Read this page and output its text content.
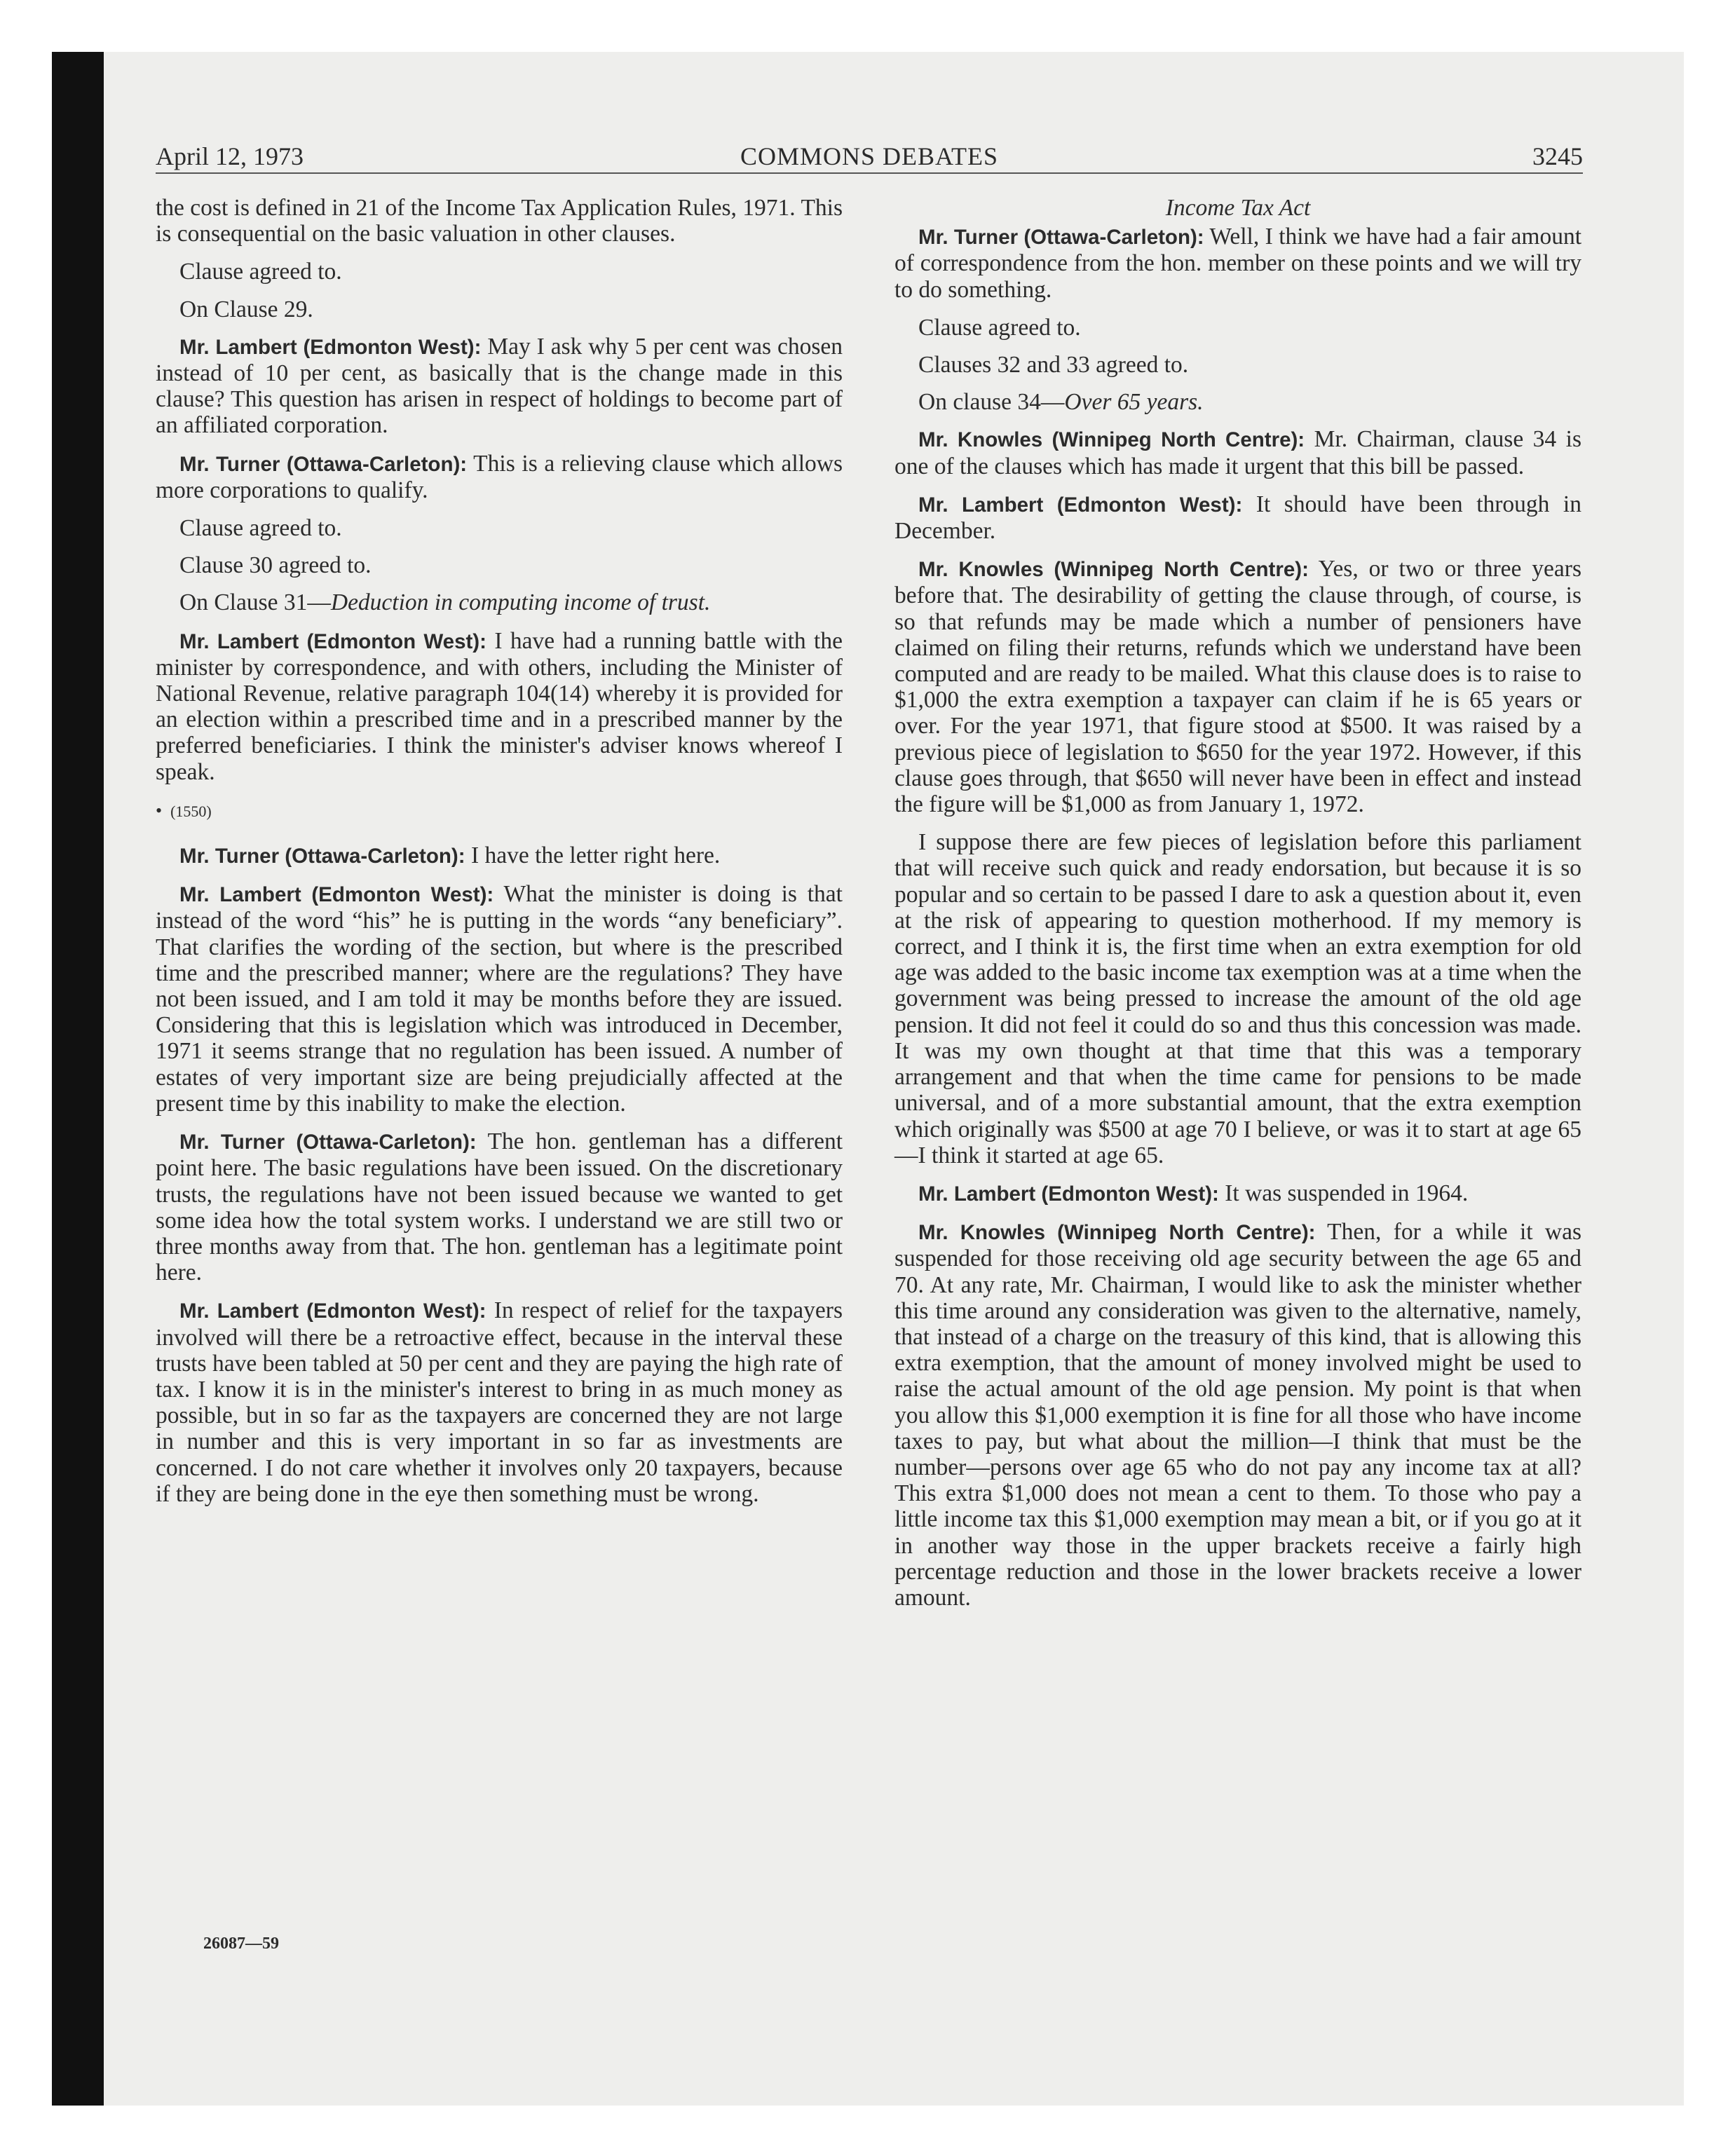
April 12, 1973	COMMONS DEBATES	3245

the cost is defined in 21 of the Income Tax Application Rules, 1971. This is consequential on the basic valuation in other clauses.

Clause agreed to.

On Clause 29.

Mr. Lambert (Edmonton West): May I ask why 5 per cent was chosen instead of 10 per cent, as basically that is the change made in this clause? This question has arisen in respect of holdings to become part of an affiliated corporation.

Mr. Turner (Ottawa-Carleton): This is a relieving clause which allows more corporations to qualify.

Clause agreed to.

Clause 30 agreed to.

On Clause 31—Deduction in computing income of trust.

Mr. Lambert (Edmonton West): I have had a running battle with the minister by correspondence, and with others, including the Minister of National Revenue, relative paragraph 104(14) whereby it is provided for an election within a prescribed time and in a prescribed manner by the preferred beneficiaries. I think the minister's adviser knows whereof I speak.

• (1550)

Mr. Turner (Ottawa-Carleton): I have the letter right here.

Mr. Lambert (Edmonton West): What the minister is doing is that instead of the word “his” he is putting in the words “any beneficiary”. That clarifies the wording of the section, but where is the prescribed time and the prescribed manner; where are the regulations? They have not been issued, and I am told it may be months before they are issued. Considering that this is legislation which was introduced in December, 1971 it seems strange that no regulation has been issued. A number of estates of very important size are being prejudicially affected at the present time by this inability to make the election.

Mr. Turner (Ottawa-Carleton): The hon. gentleman has a different point here. The basic regulations have been issued. On the discretionary trusts, the regulations have not been issued because we wanted to get some idea how the total system works. I understand we are still two or three months away from that. The hon. gentleman has a legitimate point here.

Mr. Lambert (Edmonton West): In respect of relief for the taxpayers involved will there be a retroactive effect, because in the interval these trusts have been tabled at 50 per cent and they are paying the high rate of tax. I know it is in the minister's interest to bring in as much money as possible, but in so far as the taxpayers are concerned they are not large in number and this is very important in so far as investments are concerned. I do not care whether it involves only 20 taxpayers, because if they are being done in the eye then something must be wrong.

Income Tax Act

Mr. Turner (Ottawa-Carleton): Well, I think we have had a fair amount of correspondence from the hon. member on these points and we will try to do something.

Clause agreed to.

Clauses 32 and 33 agreed to.

On clause 34—Over 65 years.

Mr. Knowles (Winnipeg North Centre): Mr. Chairman, clause 34 is one of the clauses which has made it urgent that this bill be passed.

Mr. Lambert (Edmonton West): It should have been through in December.

Mr. Knowles (Winnipeg North Centre): Yes, or two or three years before that. The desirability of getting the clause through, of course, is so that refunds may be made which a number of pensioners have claimed on filing their returns, refunds which we understand have been computed and are ready to be mailed. What this clause does is to raise to $1,000 the extra exemption a taxpayer can claim if he is 65 years or over. For the year 1971, that figure stood at $500. It was raised by a previous piece of legislation to $650 for the year 1972. However, if this clause goes through, that $650 will never have been in effect and instead the figure will be $1,000 as from January 1, 1972.

I suppose there are few pieces of legislation before this parliament that will receive such quick and ready endorsation, but because it is so popular and so certain to be passed I dare to ask a question about it, even at the risk of appearing to question motherhood. If my memory is correct, and I think it is, the first time when an extra exemption for old age was added to the basic income tax exemption was at a time when the government was being pressed to increase the amount of the old age pension. It did not feel it could do so and thus this concession was made. It was my own thought at that time that this was a temporary arrangement and that when the time came for pensions to be made universal, and of a more substantial amount, that the extra exemption which originally was $500 at age 70 I believe, or was it to start at age 65—I think it started at age 65.

Mr. Lambert (Edmonton West): It was suspended in 1964.

Mr. Knowles (Winnipeg North Centre): Then, for a while it was suspended for those receiving old age security between the age 65 and 70. At any rate, Mr. Chairman, I would like to ask the minister whether this time around any consideration was given to the alternative, namely, that instead of a charge on the treasury of this kind, that is allowing this extra exemption, that the amount of money involved might be used to raise the actual amount of the old age pension. My point is that when you allow this $1,000 exemption it is fine for all those who have income taxes to pay, but what about the million—I think that must be the number—persons over age 65 who do not pay any income tax at all? This extra $1,000 does not mean a cent to them. To those who pay a little income tax this $1,000 exemption may mean a bit, or if you go at it in another way those in the upper brackets receive a fairly high percentage reduction and those in the lower brackets receive a lower amount.

26087—59
